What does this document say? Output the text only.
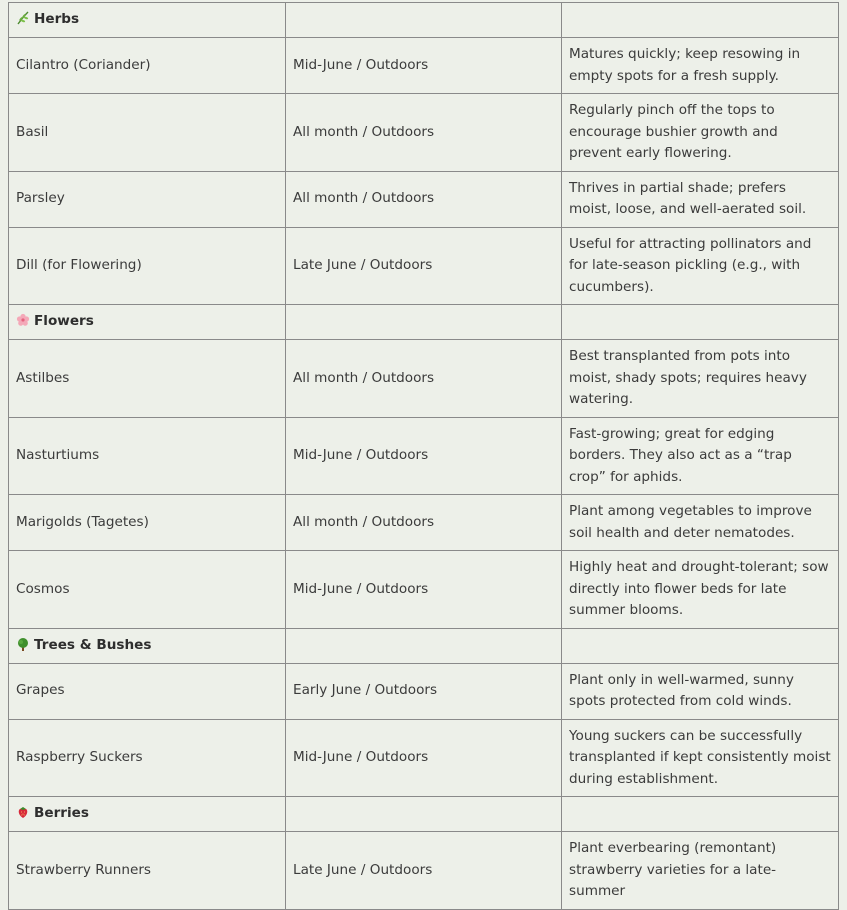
Herbs		
Cilantro (Coriander)	Mid-June / Outdoors	Matures quickly; keep resowing in empty spots for a fresh supply.
Basil	All month / Outdoors	Regularly pinch off the tops to encourage bushier growth and prevent early flowering.
Parsley	All month / Outdoors	Thrives in partial shade; prefers moist, loose, and well-aerated soil.
Dill (for Flowering)	Late June / Outdoors	Useful for attracting pollinators and for late-season pickling (e.g., with cucumbers).
Flowers		
Astilbes	All month / Outdoors	Best transplanted from pots into moist, shady spots; requires heavy watering.
Nasturtiums	Mid-June / Outdoors	Fast-growing; great for edging borders. They also act as a “trap crop” for aphids.
Marigolds (Tagetes)	All month / Outdoors	Plant among vegetables to improve soil health and deter nematodes.
Cosmos	Mid-June / Outdoors	Highly heat and drought-tolerant; sow directly into flower beds for late summer blooms.
Trees & Bushes		
Grapes	Early June / Outdoors	Plant only in well-warmed, sunny spots protected from cold winds.
Raspberry Suckers	Mid-June / Outdoors	Young suckers can be successfully transplanted if kept consistently moist during establishment.
Berries		
Strawberry Runners	Late June / Outdoors	Plant everbearing (remontant) strawberry varieties for a late-summer
